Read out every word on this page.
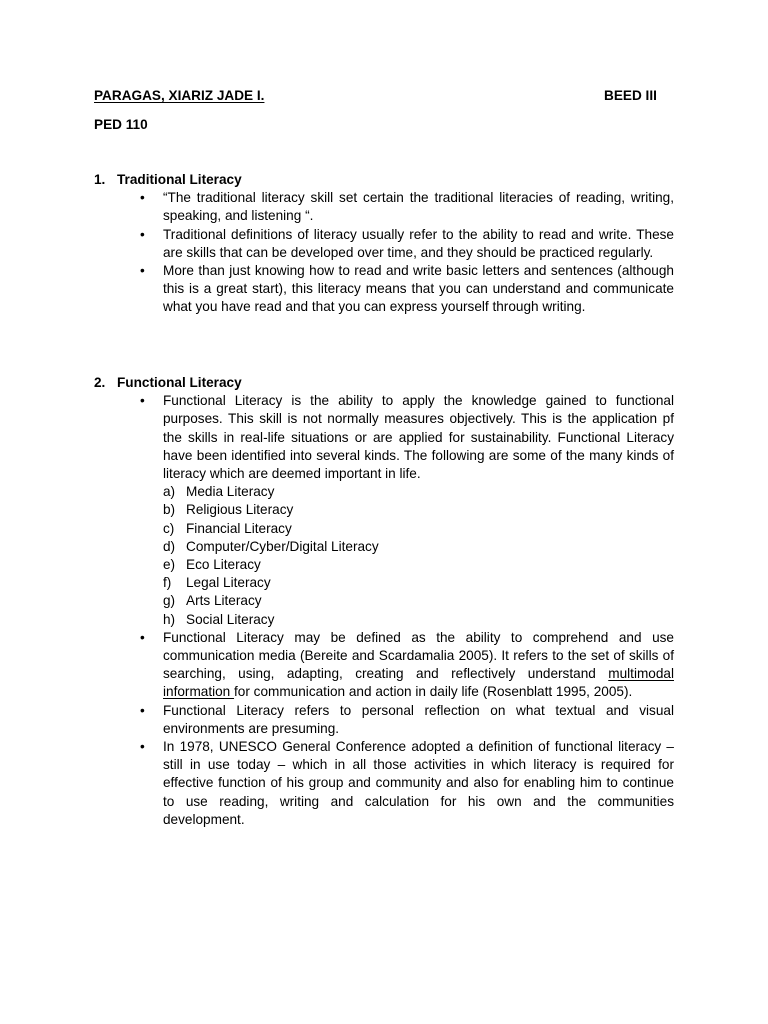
PARAGAS, XIARIZ JADE I.	BEED III
PED 110
1. Traditional Literacy
• “The traditional literacy skill set certain the traditional literacies of reading, writing, speaking, and listening “.
• Traditional definitions of literacy usually refer to the ability to read and write. These are skills that can be developed over time, and they should be practiced regularly.
• More than just knowing how to read and write basic letters and sentences (although this is a great start), this literacy means that you can understand and communicate what you have read and that you can express yourself through writing.
2. Functional Literacy
• Functional Literacy is the ability to apply the knowledge gained to functional purposes. This skill is not normally measures objectively. This is the application pf the skills in real-life situations or are applied for sustainability. Functional Literacy have been identified into several kinds. The following are some of the many kinds of literacy which are deemed important in life.
a) Media Literacy
b) Religious Literacy
c) Financial Literacy
d) Computer/Cyber/Digital Literacy
e) Eco Literacy
f) Legal Literacy
g) Arts Literacy
h) Social Literacy
• Functional Literacy may be defined as the ability to comprehend and use communication media (Bereite and Scardamalia 2005). It refers to the set of skills of searching, using, adapting, creating and reflectively understand multimodal information for communication and action in daily life (Rosenblatt 1995, 2005).
• Functional Literacy refers to personal reflection on what textual and visual environments are presuming.
• In 1978, UNESCO General Conference adopted a definition of functional literacy – still in use today – which in all those activities in which literacy is required for effective function of his group and community and also for enabling him to continue to use reading, writing and calculation for his own and the communities development.
